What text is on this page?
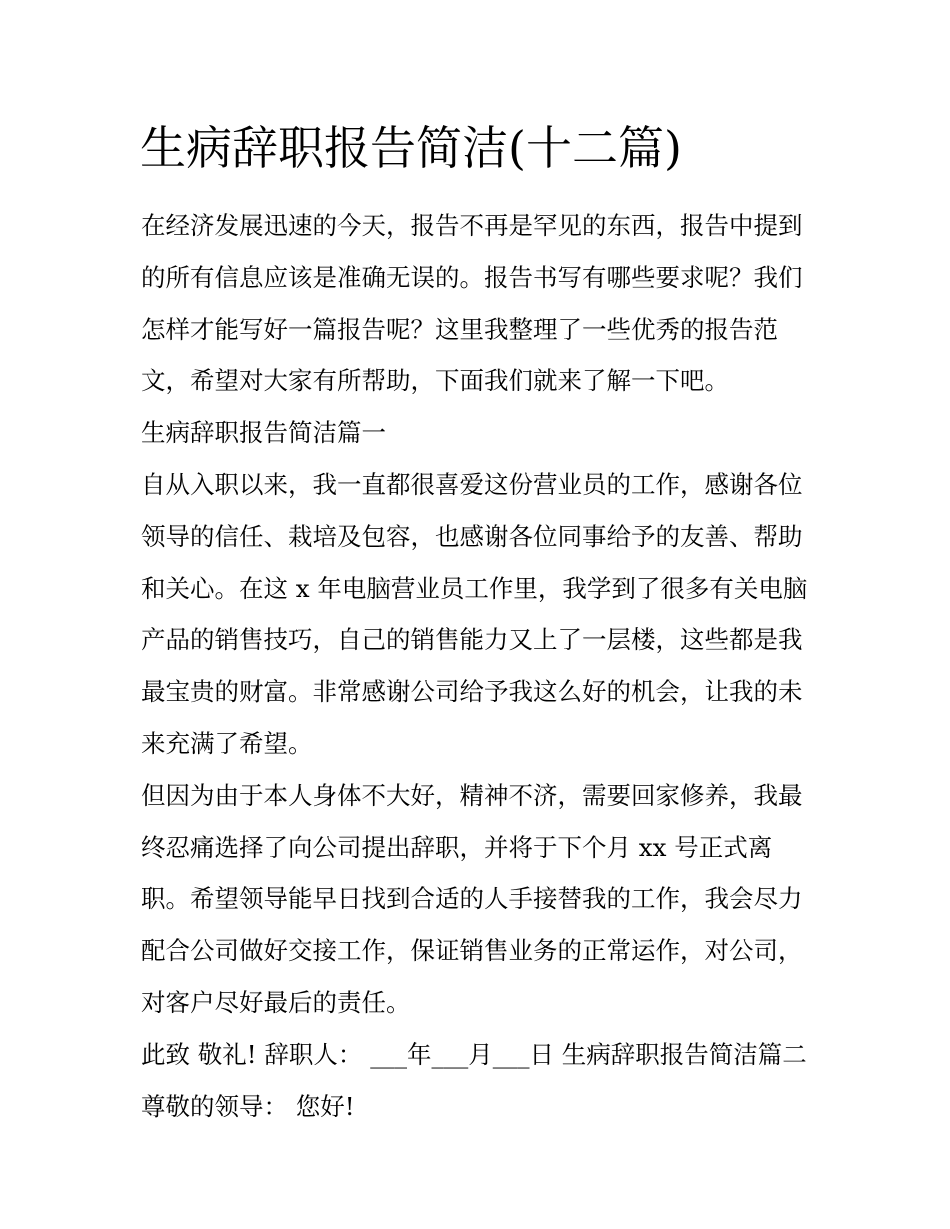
生病辞职报告简洁(十二篇)

在经济发展迅速的今天，报告不再是罕见的东西，报告中提到

的所有信息应该是准确无误的。报告书写有哪些要求呢？我们

怎样才能写好一篇报告呢？这里我整理了一些优秀的报告范

文，希望对大家有所帮助，下面我们就来了解一下吧。

生病辞职报告简洁篇一

自从入职以来，我一直都很喜爱这份营业员的工作，感谢各位

领导的信任、栽培及包容，也感谢各位同事给予的友善、帮助

和关心。在这 x 年电脑营业员工作里，我学到了很多有关电脑

产品的销售技巧，自己的销售能力又上了一层楼，这些都是我

最宝贵的财富。非常感谢公司给予我这么好的机会，让我的未

来充满了希望。

但因为由于本人身体不大好，精神不济，需要回家修养，我最

终忍痛选择了向公司提出辞职，并将于下个月 xx 号正式离

职。希望领导能早日找到合适的人手接替我的工作，我会尽力

配合公司做好交接工作，保证销售业务的正常运作，对公司，

对客户尽好最后的责任。

此致 敬礼! 辞职人： ___年___月___日 生病辞职报告简洁篇二

尊敬的领导： 您好!
